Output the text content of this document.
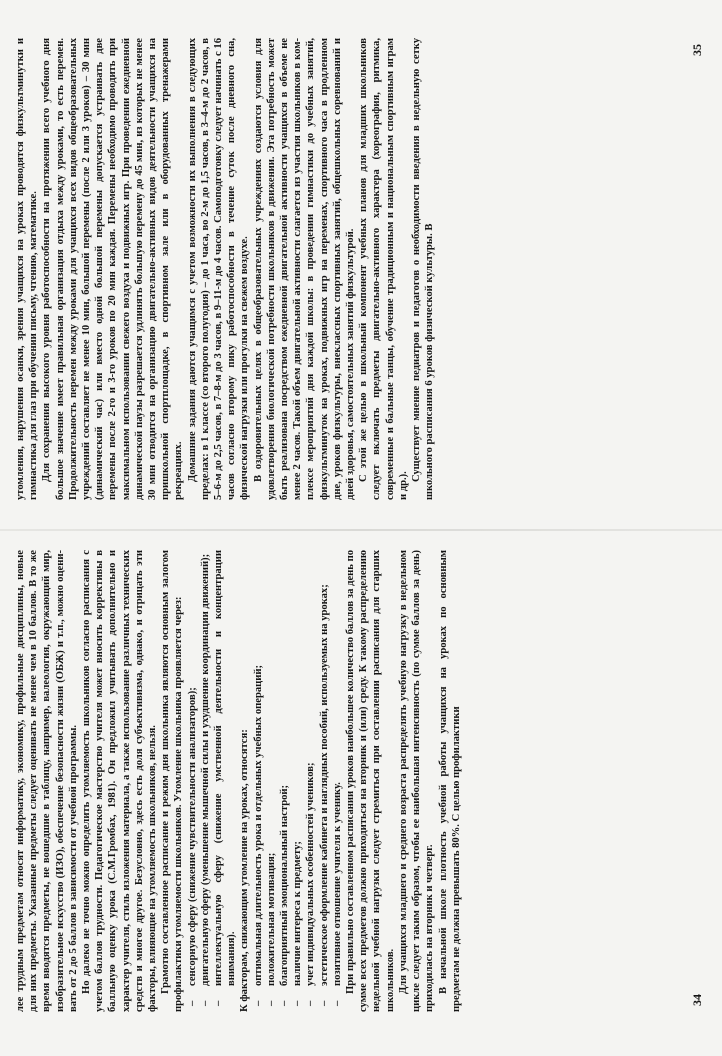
лее трудным предметам относят информатику, экономику, профильные дисциплины, новые для них предметы. Указанные предметы следует оценивать не менее чем в 10 баллов. В то же время вводятся предметы, не вошедшие в таблицу, например, валеология, окружающий мир, изобразительное искусство (ИЗО), обеспечение безопасности жизни (ОБЖ) и т.п., можно оценивать от 2 до 5 баллов в зависимости от учебной программы. Но далеко не точно можно определить утомляемость школьников согласно расписания с учетом баллов трудности. Педагогическое мастерство учителя может вносить коррективы в балльную оценку урока (С.М.Громбах, 1981). Он предложил учитывать дополнительно и характер учителя, стиль изложения материала, а также использование различных технических средств и многое другое. Безусловно, здесь есть доля субъективизма, однако, и отрицать эти факторы, влияющие на утомляемость школьников, нельзя. Грамотно составленное расписание и режим дня школьника являются основным залогом профилактики утомляемости школьников. Утомление школьника проявляется через: –
сенсорную сферу (снижение чувствительности анализаторов);
–
двигательную сферу (уменьшение мышечной силы и ухудшение координации движений);
–
интеллектуальную сферу (снижение умственной деятельности и концентрации внимания). К факторам, снижающим утомление на уроках, относятся: –
оптимальная длительность урока и отдельных учебных операций;
–
положительная мотивация;
–
благоприятный эмоциональный настрой;
–
наличие интереса к предмету;
–
учет индивидуальных особенностей учеников;
–
эстетическое оформление кабинета и наглядных пособий, используемых на уроках;
–
позитивное отношение учителя к ученику. При правильно составленном расписании уроков наибольшее количество баллов за день по сумме всех предметов должно приходиться на вторник и (или) среду. К такому распределению недельной учебной нагрузки следует стремиться при составлении расписания для старших школьников. Для учащихся младшего и среднего возраста распределять учебную нагрузку в недельном цикле следует таким образом, чтобы ее наибольшая интенсивность (по сумме баллов за день) приходилась на вторник и четверг. В начальной школе плотность учебной работы учащихся на уроках по основным предметам не должна превышать 80%. С целью профилактики	34

утомления, нарушения осанки, зрения учащихся на уроках проводятся физкультминутки и гимнастика для глаз при обучении письму, чтению, математике. Для сохранения высокого уровня работоспособности на протяжении всего учебного дня большое значение имеет правильная организация отдыха между уроками, то есть перемен. Продолжительность перемен между уроками для учащихся всех видов общеобразовательных учреждений составляет не менее 10 мин, большой перемены (после 2 или 3 уроков) – 30 мин (динамический час) или вместо одной большой перемены допускается устраивать две перемены после 2-го и 3-го уроков по 20 мин каждая. Перемены необходимо проводить при максимальном использовании свежего воздуха и подвижных игр. При проведении ежедневной динамической паузы разрешается удлинять большую перемену до 45 мин, из которых не менее 30 мин отводится на организацию двигательно-активных видов деятельности учащихся на пришкольной спортплощадке, в спортивном зале или в оборудованных тренажерами рекреациях. Домашние задания даются учащимся с учетом возможности их выполнения в следующих пределах: в 1 классе (со второго полугодия) – до 1 часа, во 2-м до 1,5 часов, в 3–4-м до 2 часов, в 5–6-м до 2,5 часов, в 7–8-м до 3 часов, в 9–11-м до 4 часов. Самоподготовку следует начинать с 16 часов согласно второму пику работоспособности в течение суток после дневного сна, физической нагрузки или прогулки на свежем воздухе. В оздоровительных целях в общеобразовательных учреждениях создаются условия для удовлетворения биологической потребности школьников в движении. Эта потребность может быть реализована посредством ежедневной двигательной активности учащихся в объеме не менее 2 часов. Такой объем двигательной активности слагается из участия школьников в комплексе мероприятий дня каждой школы: в проведении гимнастики до учебных занятий, физкультминуток на уроках, подвижных игр на переменах, спортивного часа в продленном дне, уроков физкультуры, внеклассных спортивных занятий, общешкольных соревнований и дней здоровья, самостоятельных занятий физкультурой. С этой же целью в школьный компонент учебных планов для младших школьников следует включать предметы двигательно-активного характера (хореография, ритмика, современные и бальные танцы, обучение традиционным и национальным спортивным играм и др.).

Существует мнение педиатров и педагогов о необходимости введения в недельную сетку школьного расписания 6 уроков физической культуры. В

35
